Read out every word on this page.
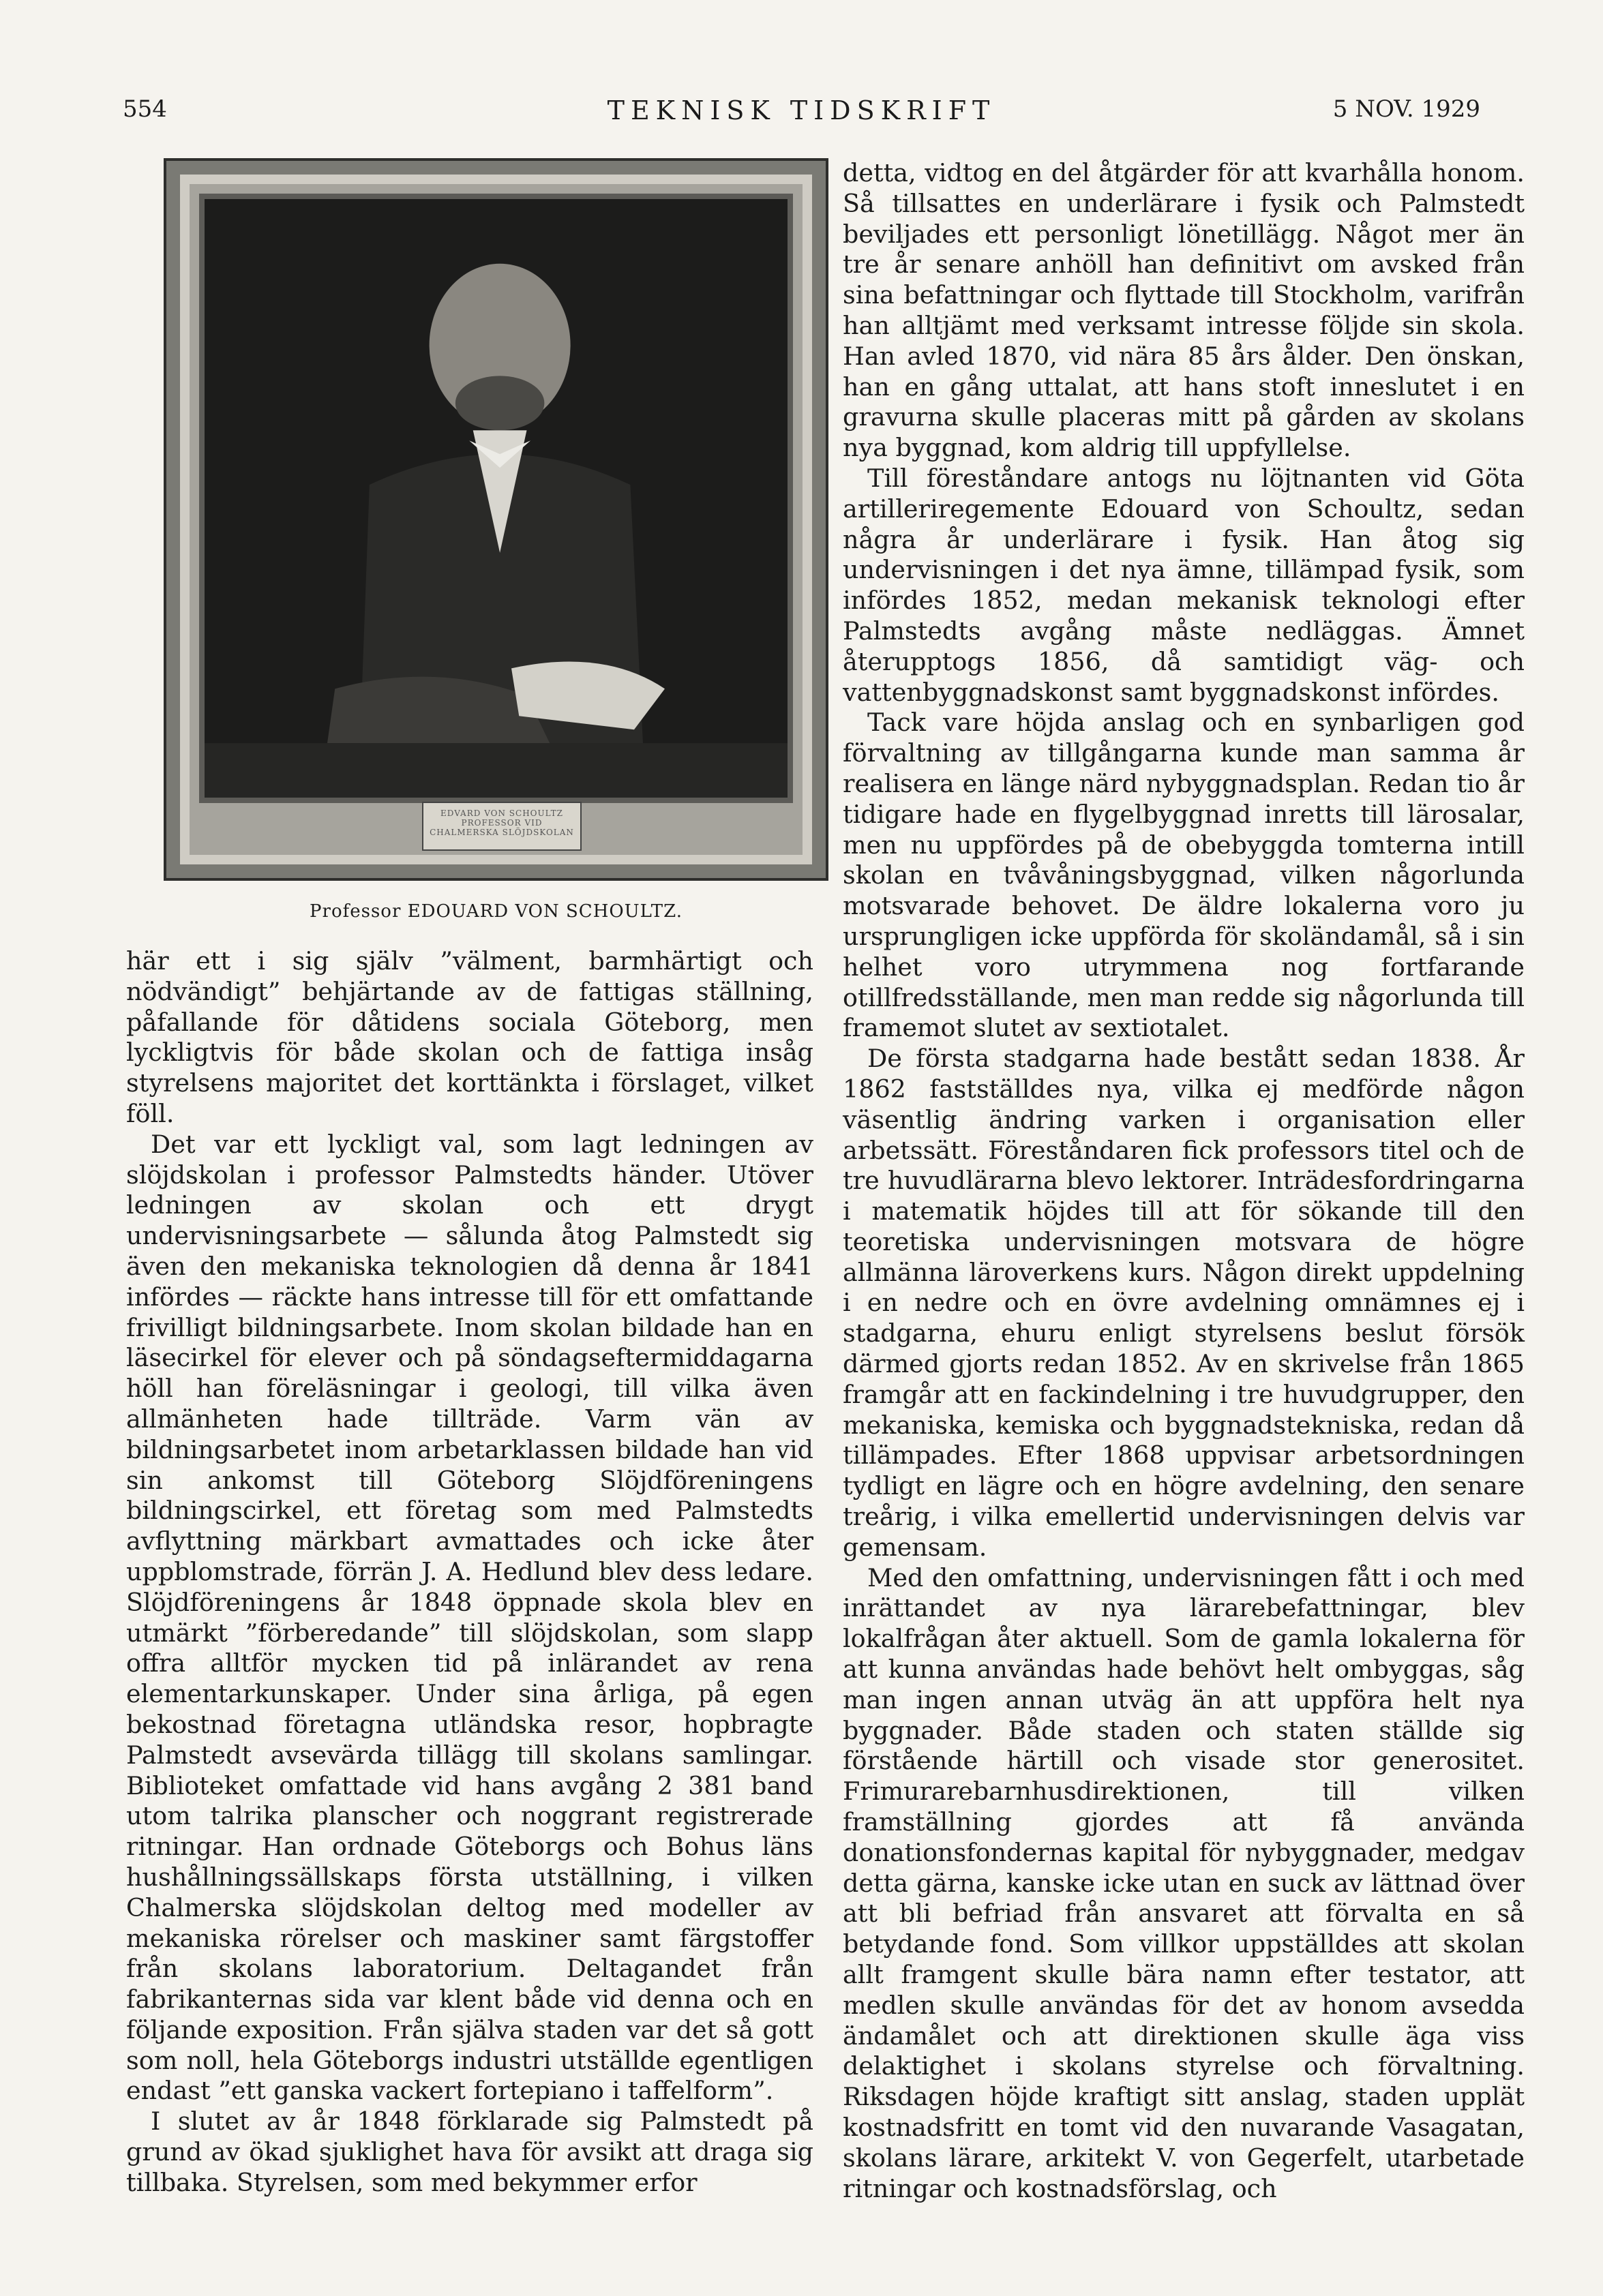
554	TEKNISK TIDSKRIFT	5 NOV. 1929
EDVARD VON SCHOULTZ PROFESSOR VID CHALMERSKA SLÖJDSKOLAN
Professor EDOUARD VON SCHOULTZ.

här ett i sig själv ”välment, barmhärtigt och nödvändigt” behjärtande av de fattigas ställning, påfallande för dåtidens sociala Göteborg, men lyckligtvis för både skolan och de fattiga insåg styrelsens majoritet det korttänkta i förslaget, vilket föll.

Det var ett lyckligt val, som lagt ledningen av slöjdskolan i professor Palmstedts händer. Utöver ledningen av skolan och ett drygt undervisningsarbete — sålunda åtog Palmstedt sig även den mekaniska teknologien då denna år 1841 infördes — räckte hans intresse till för ett omfattande frivilligt bildningsarbete. Inom skolan bildade han en läsecirkel för elever och på söndagseftermiddagarna höll han föreläsningar i geologi, till vilka även allmänheten hade tillträde. Varm vän av bildningsarbetet inom arbetarklassen bildade han vid sin ankomst till Göteborg Slöjdföreningens bildningscirkel, ett företag som med Palmstedts avflyttning märkbart avmattades och icke åter uppblomstrade, förrän J. A. Hedlund blev dess ledare. Slöjdföreningens år 1848 öppnade skola blev en utmärkt ”förberedande” till slöjdskolan, som slapp offra alltför mycken tid på inlärandet av rena elementarkunskaper. Under sina årliga, på egen bekostnad företagna utländska resor, hopbragte Palmstedt avsevärda tillägg till skolans samlingar. Biblioteket omfattade vid hans avgång 2 381 band utom talrika planscher och noggrant registrerade ritningar. Han ordnade Göteborgs och Bohus läns hushållningssällskaps första utställning, i vilken Chalmerska slöjdskolan deltog med modeller av mekaniska rörelser och maskiner samt färgstoffer från skolans laboratorium. Deltagandet från fabrikanternas sida var klent både vid denna och en följande exposition. Från själva staden var det så gott som noll, hela Göteborgs industri utställde egentligen endast ”ett ganska vackert fortepiano i taffelform”.

I slutet av år 1848 förklarade sig Palmstedt på grund av ökad sjuklighet hava för avsikt att draga sig tillbaka. Styrelsen, som med bekymmer erfor

detta, vidtog en del åtgärder för att kvarhålla honom. Så tillsattes en underlärare i fysik och Palmstedt beviljades ett personligt lönetillägg. Något mer än tre år senare anhöll han definitivt om avsked från sina befattningar och flyttade till Stockholm, varifrån han alltjämt med verksamt intresse följde sin skola. Han avled 1870, vid nära 85 års ålder. Den önskan, han en gång uttalat, att hans stoft inneslutet i en gravurna skulle placeras mitt på gården av skolans nya byggnad, kom aldrig till uppfyllelse.

Till föreståndare antogs nu löjtnanten vid Göta artilleriregemente Edouard von Schoultz, sedan några år underlärare i fysik. Han åtog sig undervisningen i det nya ämne, tillämpad fysik, som infördes 1852, medan mekanisk teknologi efter Palmstedts avgång måste nedläggas. Ämnet återupptogs 1856, då samtidigt väg- och vattenbyggnadskonst samt byggnadskonst infördes.

Tack vare höjda anslag och en synbarligen god förvaltning av tillgångarna kunde man samma år realisera en länge närd nybyggnadsplan. Redan tio år tidigare hade en flygelbyggnad inretts till lärosalar, men nu uppfördes på de obebyggda tomterna intill skolan en tvåvåningsbyggnad, vilken någorlunda motsvarade behovet. De äldre lokalerna voro ju ursprungligen icke uppförda för skoländamål, så i sin helhet voro utrymmena nog fortfarande otillfredsställande, men man redde sig någorlunda till framemot slutet av sextiotalet.

De första stadgarna hade bestått sedan 1838. År 1862 fastställdes nya, vilka ej medförde någon väsentlig ändring varken i organisation eller arbetssätt. Föreståndaren fick professors titel och de tre huvudlärarna blevo lektorer. Inträdesfordringarna i matematik höjdes till att för sökande till den teoretiska undervisningen motsvara de högre allmänna läroverkens kurs. Någon direkt uppdelning i en nedre och en övre avdelning omnämnes ej i stadgarna, ehuru enligt styrelsens beslut försök därmed gjorts redan 1852. Av en skrivelse från 1865 framgår att en fackindelning i tre huvudgrupper, den mekaniska, kemiska och byggnadstekniska, redan då tillämpades. Efter 1868 uppvisar arbetsordningen tydligt en lägre och en högre avdelning, den senare treårig, i vilka emellertid undervisningen delvis var gemensam.

Med den omfattning, undervisningen fått i och med inrättandet av nya lärarebefattningar, blev lokalfrågan åter aktuell. Som de gamla lokalerna för att kunna användas hade behövt helt ombyggas, såg man ingen annan utväg än att uppföra helt nya byggnader. Både staden och staten ställde sig förstående härtill och visade stor generositet. Frimurarebarnhusdirektionen, till vilken framställning gjordes att få använda donationsfondernas kapital för nybyggnader, medgav detta gärna, kanske icke utan en suck av lättnad över att bli befriad från ansvaret att förvalta en så betydande fond. Som villkor uppställdes att skolan allt framgent skulle bära namn efter testator, att medlen skulle användas för det av honom avsedda ändamålet och att direktionen skulle äga viss delaktighet i skolans styrelse och förvaltning. Riksdagen höjde kraftigt sitt anslag, staden upplät kostnadsfritt en tomt vid den nuvarande Vasagatan, skolans lärare, arkitekt V. von Gegerfelt, utarbetade ritningar och kostnadsförslag, och
